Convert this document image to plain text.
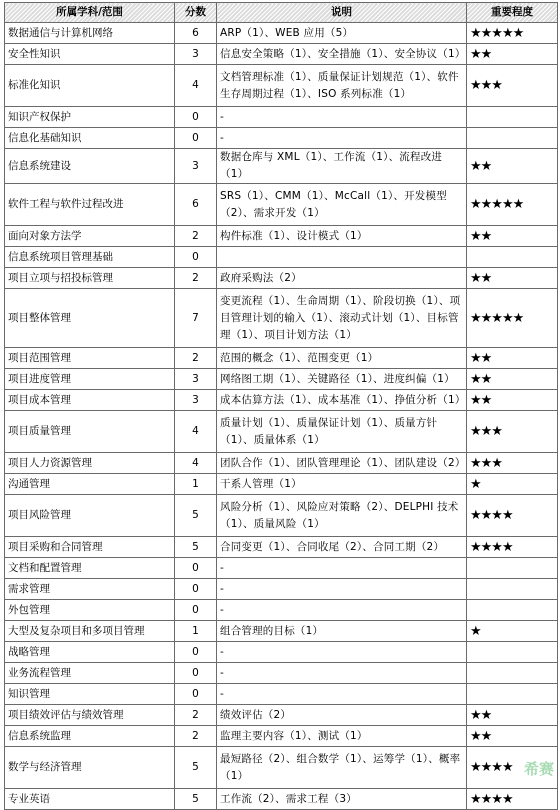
所属学科/范围	分数	说明	重要程度
数据通信与计算机网络	6	ARP（1）、WEB 应用（5）	★★★★★
安全性知识	3	信息安全策略（1）、安全措施（1）、安全协议（1）	★★
标准化知识	4	文档管理标准（1）、质量保证计划规范（1）、软件生存周期过程（1）、ISO 系列标准（1）	★★★
知识产权保护	0	-	
信息化基础知识	0	-	
信息系统建设	3	数据仓库与 XML（1）、工作流（1）、流程改进（1）	★★
软件工程与软件过程改进	6	SRS（1）、CMM（1）、McCall（1）、开发模型（2）、需求开发（1）	★★★★★
面向对象方法学	2	构件标准（1）、设计模式（1）	★★
信息系统项目管理基础	0		
项目立项与招投标管理	2	政府采购法（2）	★★
项目整体管理	7	变更流程（1）、生命周期（1）、阶段切换（1）、项目管理计划的输入（1）、滚动式计划（1）、目标管理（1）、项目计划方法（1）	★★★★★
项目范围管理	2	范围的概念（1）、范围变更（1）	★★
项目进度管理	3	网络图工期（1）、关键路径（1）、进度纠偏（1）	★★
项目成本管理	3	成本估算方法（1）、成本基准（1）、挣值分析（1）	★★
项目质量管理	4	质量计划（1）、质量保证计划（1）、质量方针（1）、质量体系（1）	★★★
项目人力资源管理	4	团队合作（1）、团队管理理论（1）、团队建设（2）	★★★
沟通管理	1	干系人管理（1）	★
项目风险管理	5	风险分析（1）、风险应对策略（2）、DELPHI 技术（1）、质量风险（1）	★★★★
项目采购和合同管理	5	合同变更（1）、合同收尾（2）、合同工期（2）	★★★★
文档和配置管理	0	-	
需求管理	0	-	
外包管理	0	-	
大型及复杂项目和多项目管理	1	组合管理的目标（1）	★
战略管理	0	-	
业务流程管理	0	-	
知识管理	0	-	
项目绩效评估与绩效管理	2	绩效评估（2）	★★
信息系统监理	2	监理主要内容（1）、测试（1）	★★
数学与经济管理	5	最短路径（2）、组合数学（1）、运筹学（1）、概率（1）	★★★★
专业英语	5	工作流（2）、需求工程（3）	★★★★
希赛
